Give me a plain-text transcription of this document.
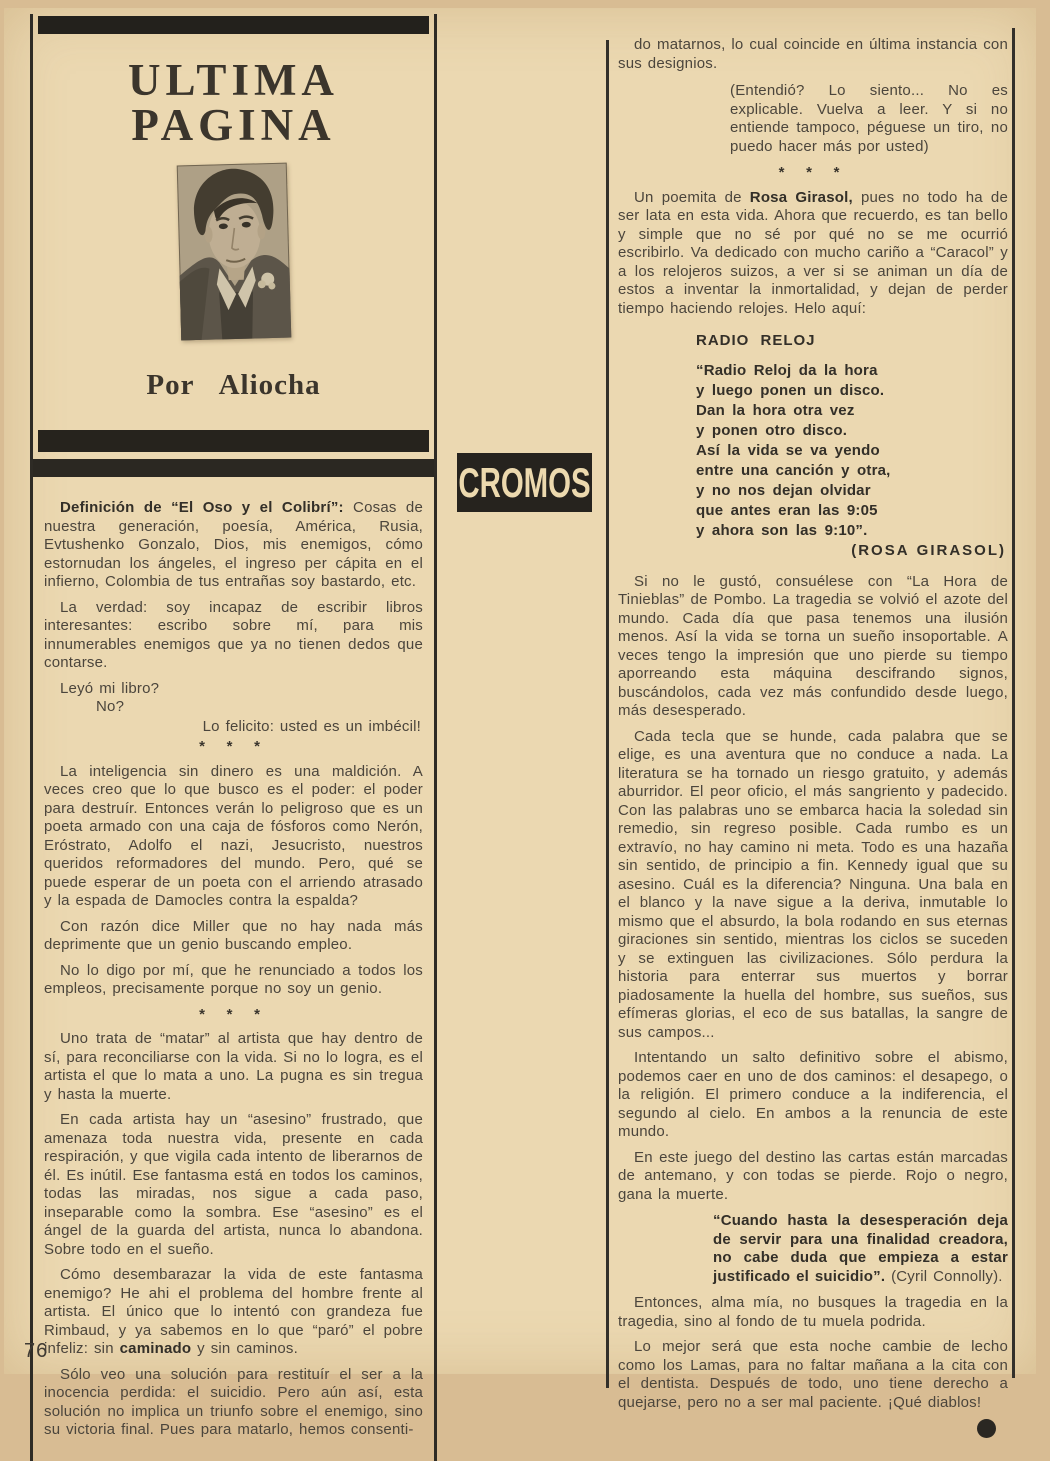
ULTIMA PAGINA
Por Aliocha

Definición de “El Oso y el Colibrí”: Cosas de nuestra generación, poesía, América, Rusia, Evtushenko Gonzalo, Dios, mis enemigos, cómo estornudan los ángeles, el ingreso per cápita en el infierno, Colombia de tus entrañas soy bastardo, etc.

La verdad: soy incapaz de escribir libros interesantes: escribo sobre mí, para mis innumerables enemigos que ya no tienen dedos que contarse.

Leyó mi libro?

No?

Lo felicito: usted es un imbécil!

* * *

La inteligencia sin dinero es una maldición. A veces creo que lo que busco es el poder: el poder para destruír. Entonces verán lo peligroso que es un poeta armado con una caja de fósforos como Nerón, Eróstrato, Adolfo el nazi, Jesucristo, nuestros queridos reformadores del mundo. Pero, qué se puede esperar de un poeta con el arriendo atrasado y la espada de Damocles contra la espalda?

Con razón dice Miller que no hay nada más deprimente que un genio buscando empleo.

No lo digo por mí, que he renunciado a todos los empleos, precisamente porque no soy un genio.

* * *

Uno trata de “matar” al artista que hay dentro de sí, para reconciliarse con la vida. Si no lo logra, es el artista el que lo mata a uno. La pugna es sin tregua y hasta la muerte.

En cada artista hay un “asesino” frustrado, que amenaza toda nuestra vida, presente en cada respiración, y que vigila cada intento de liberarnos de él. Es inútil. Ese fantasma está en todos los caminos, todas las miradas, nos sigue a cada paso, inseparable como la sombra. Ese “asesino” es el ángel de la guarda del artista, nunca lo abandona. Sobre todo en el sueño.

Cómo desembarazar la vida de este fantasma enemigo? He ahi el problema del hombre frente al artista. El único que lo intentó con grandeza fue Rimbaud, y ya sabemos en lo que “paró” el pobre infeliz: sin caminado y sin caminos.

Sólo veo una solución para restituír el ser a la inocencia perdida: el suicidio. Pero aún así, esta solución no implica un triunfo sobre el enemigo, sino su victoria final. Pues para matarlo, hemos consenti-

CROMOS

do matarnos, lo cual coincide en última instancia con sus designios.

(Entendió? Lo siento... No es explicable. Vuelva a leer. Y si no entiende tampoco, péguese un tiro, no puedo hacer más por usted)

* * *

Un poemita de Rosa Girasol, pues no todo ha de ser lata en esta vida. Ahora que recuerdo, es tan bello y simple que no sé por qué no se me ocurrió escribirlo. Va dedicado con mucho cariño a “Caracol” y a los relojeros suizos, a ver si se animan un día de estos a inventar la inmortalidad, y dejan de perder tiempo haciendo relojes. Helo aquí:

RADIO RELOJ

“Radio Reloj da la hora
y luego ponen un disco.
Dan la hora otra vez
y ponen otro disco.
Así la vida se va yendo
entre una canción y otra,
y no nos dejan olvidar
que antes eran las 9:05
y ahora son las 9:10”.

(ROSA GIRASOL)

Si no le gustó, consuélese con “La Hora de Tinieblas” de Pombo. La tragedia se volvió el azote del mundo. Cada día que pasa tenemos una ilusión menos. Así la vida se torna un sueño insoportable. A veces tengo la impresión que uno pierde su tiempo aporreando esta máquina descifrando signos, buscándolos, cada vez más confundido desde luego, más desesperado.

Cada tecla que se hunde, cada palabra que se elige, es una aventura que no conduce a nada. La literatura se ha tornado un riesgo gratuito, y además aburridor. El peor oficio, el más sangriento y padecido. Con las palabras uno se embarca hacia la soledad sin remedio, sin regreso posible. Cada rumbo es un extravío, no hay camino ni meta. Todo es una hazaña sin sentido, de principio a fin. Kennedy igual que su asesino. Cuál es la diferencia? Ninguna. Una bala en el blanco y la nave sigue a la deriva, inmutable lo mismo que el absurdo, la bola rodando en sus eternas giraciones sin sentido, mientras los ciclos se suceden y se extinguen las civilizaciones. Sólo perdura la historia para enterrar sus muertos y borrar piadosamente la huella del hombre, sus sueños, sus efímeras glorias, el eco de sus batallas, la sangre de sus campos...

Intentando un salto definitivo sobre el abismo, podemos caer en uno de dos caminos: el desapego, o la religión. El primero conduce a la indiferencia, el segundo al cielo. En ambos a la renuncia de este mundo.

En este juego del destino las cartas están marcadas de antemano, y con todas se pierde. Rojo o negro, gana la muerte.

“Cuando hasta la desesperación deja de servir para una finalidad creadora, no cabe duda que empieza a estar justificado el suicidio”. (Cyril Connolly).

Entonces, alma mía, no busques la tragedia en la tragedia, sino al fondo de tu muela podrida.

Lo mejor será que esta noche cambie de lecho como los Lamas, para no faltar mañana a la cita con el dentista. Después de todo, uno tiene derecho a quejarse, pero no a ser mal paciente. ¡Qué diablos!

76
